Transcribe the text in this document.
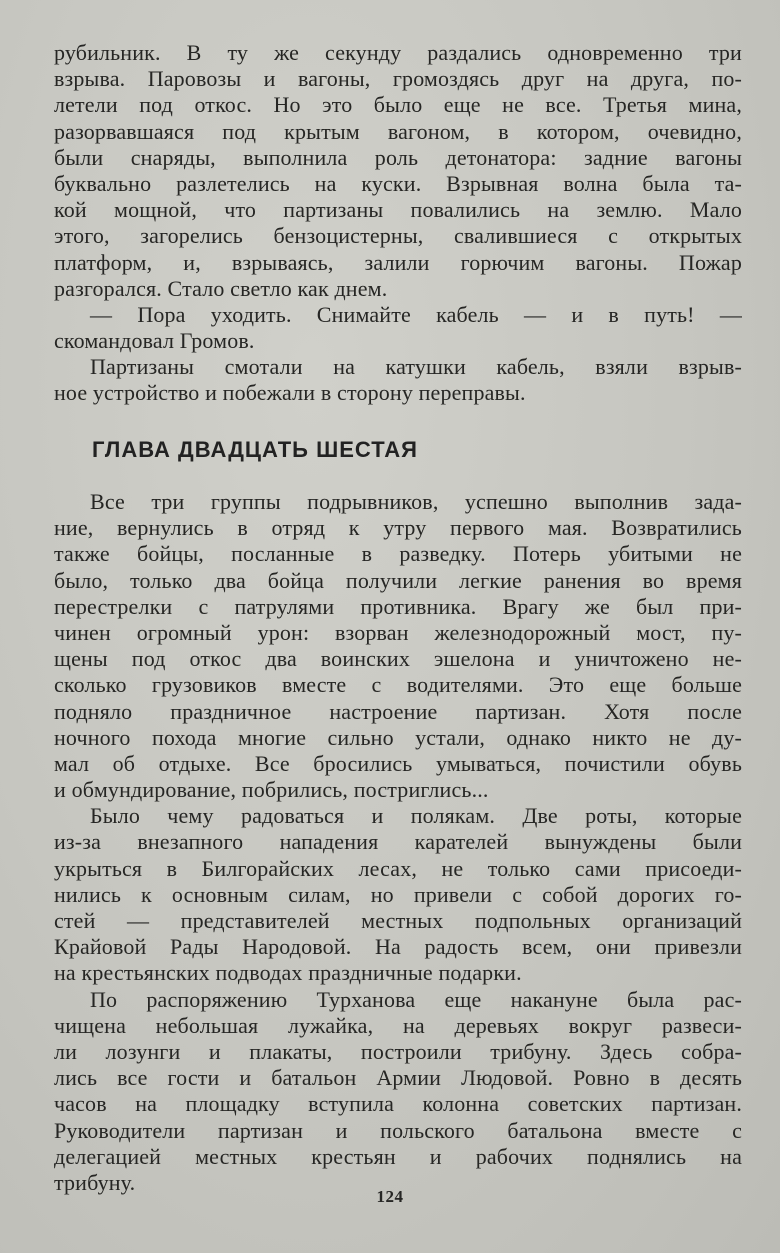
рубильник. В ту же секунду раздались одновременно три
взрыва. Паровозы и вагоны, громоздясь друг на друга, по-
летели под откос. Но это было еще не все. Третья мина,
разорвавшаяся под крытым вагоном, в котором, очевидно,
были снаряды, выполнила роль детонатора: задние вагоны
буквально разлетелись на куски. Взрывная волна была та-
кой мощной, что партизаны повалились на землю. Мало
этого, загорелись бензоцистерны, свалившиеся с открытых
платформ, и, взрываясь, залили горючим вагоны. Пожар
разгорался. Стало светло как днем.
— Пора уходить. Снимайте кабель — и в путь! —
скомандовал Громов.
Партизаны смотали на катушки кабель, взяли взрыв-
ное устройство и побежали в сторону переправы.
ГЛАВА ДВАДЦАТЬ ШЕСТАЯ
Все три группы подрывников, успешно выполнив зада-
ние, вернулись в отряд к утру первого мая. Возвратились
также бойцы, посланные в разведку. Потерь убитыми не
было, только два бойца получили легкие ранения во время
перестрелки с патрулями противника. Врагу же был при-
чинен огромный урон: взорван железнодорожный мост, пу-
щены под откос два воинских эшелона и уничтожено не-
сколько грузовиков вместе с водителями. Это еще больше
подняло праздничное настроение партизан. Хотя после
ночного похода многие сильно устали, однако никто не ду-
мал об отдыхе. Все бросились умываться, почистили обувь
и обмундирование, побрились, постриглись...
Было чему радоваться и полякам. Две роты, которые
из-за внезапного нападения карателей вынуждены были
укрыться в Билгорайских лесах, не только сами присоеди-
нились к основным силам, но привели с собой дорогих го-
стей — представителей местных подпольных организаций
Крайовой Рады Народовой. На радость всем, они привезли
на крестьянских подводах праздничные подарки.
По распоряжению Турханова еще накануне была рас-
чищена небольшая лужайка, на деревьях вокруг развеси-
ли лозунги и плакаты, построили трибуну. Здесь собра-
лись все гости и батальон Армии Людовой. Ровно в десять
часов на площадку вступила колонна советских партизан.
Руководители партизан и польского батальона вместе с
делегацией местных крестьян и рабочих поднялись на
трибуну.
124
